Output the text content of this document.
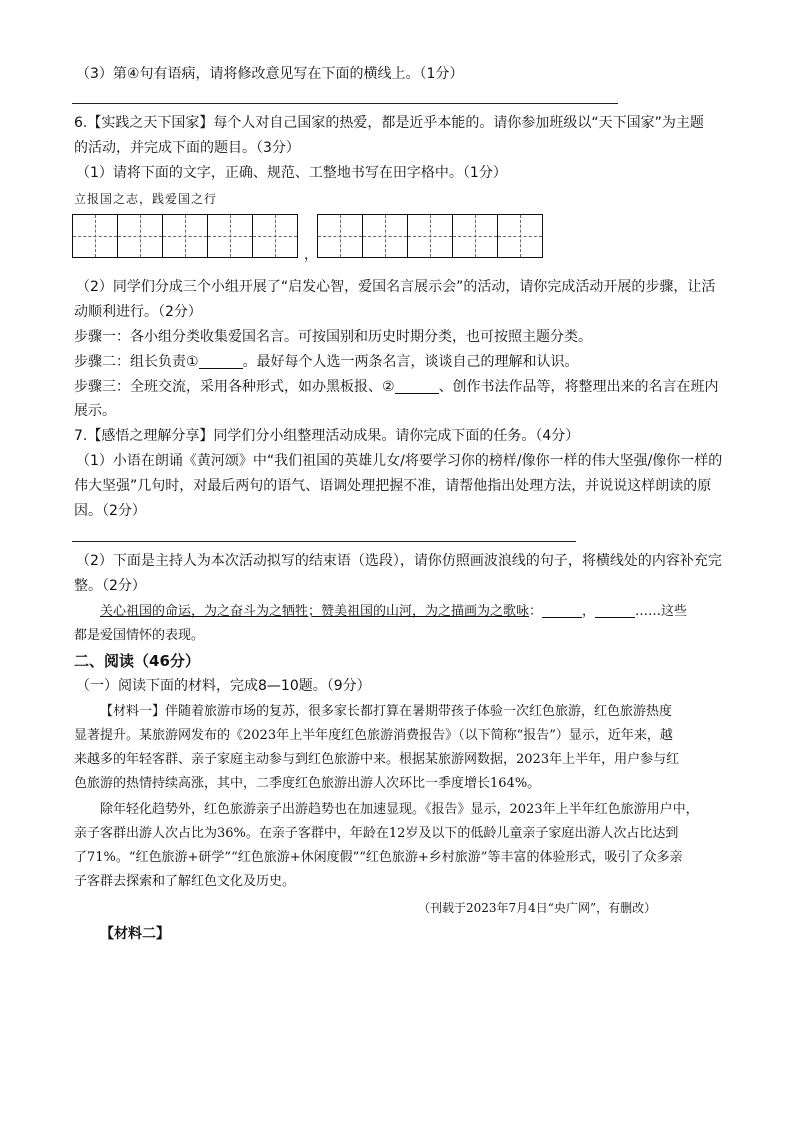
（3）第④句有语病，请将修改意见写在下面的横线上。（1分）
6.【实践之天下国家】每个人对自己国家的热爱，都是近乎本能的。请你参加班级以“天下国家”为主题
的活动，并完成下面的题目。（3分）
（1）请将下面的文字，正确、规范、工整地书写在田字格中。（1分）
立报国之志，践爱国之行
，
（2）同学们分成三个小组开展了“启发心智，爱国名言展示会”的活动，请你完成活动开展的步骤，让活
动顺利进行。（2分）
步骤一：各小组分类收集爱国名言。可按国别和历史时期分类，也可按照主题分类。
步骤二：组长负责①	。最好每个人选一两条名言，谈谈自己的理解和认识。
步骤三：全班交流，采用各种形式，如办黑板报、②	、创作书法作品等，将整理出来的名言在班内
展示。
7.【感悟之理解分享】同学们分小组整理活动成果。请你完成下面的任务。（4分）
（1）小语在朗诵《黄河颂》中“我们祖国的英雄儿女/将要学习你的榜样/像你一样的伟大坚强/像你一样的
伟大坚强”几句时，对最后两句的语气、语调处理把握不准，请帮他指出处理方法，并说说这样朗读的原
因。（2分）
（2）下面是主持人为本次活动拟写的结束语（选段），请你仿照画波浪线的句子，将横线处的内容补充完
整。（2分）
关心祖国的命运，为之奋斗为之牺牲；赞美祖国的山河，为之描画为之歌咏：	，	……这些
都是爱国情怀的表现。
二、阅读（46分）
（一）阅读下面的材料，完成8—10题。（9分）
【材料一】伴随着旅游市场的复苏，很多家长都打算在暑期带孩子体验一次红色旅游，红色旅游热度
显著提升。某旅游网发布的《2023年上半年度红色旅游消费报告》（以下简称“报告”）显示，近年来，越
来越多的年轻客群、亲子家庭主动参与到红色旅游中来。根据某旅游网数据，2023年上半年，用户参与红
色旅游的热情持续高涨，其中，二季度红色旅游出游人次环比一季度增长164%。
除年轻化趋势外，红色旅游亲子出游趋势也在加速显现。《报告》显示，2023年上半年红色旅游用户中，
亲子客群出游人次占比为36%。在亲子客群中，年龄在12岁及以下的低龄儿童亲子家庭出游人次占比达到
了71%。“红色旅游+研学”“红色旅游+休闲度假”“红色旅游+乡村旅游”等丰富的体验形式，吸引了众多亲
子客群去探索和了解红色文化及历史。
（刊载于2023年7月4日“央广网”，有删改）
【材料二】
